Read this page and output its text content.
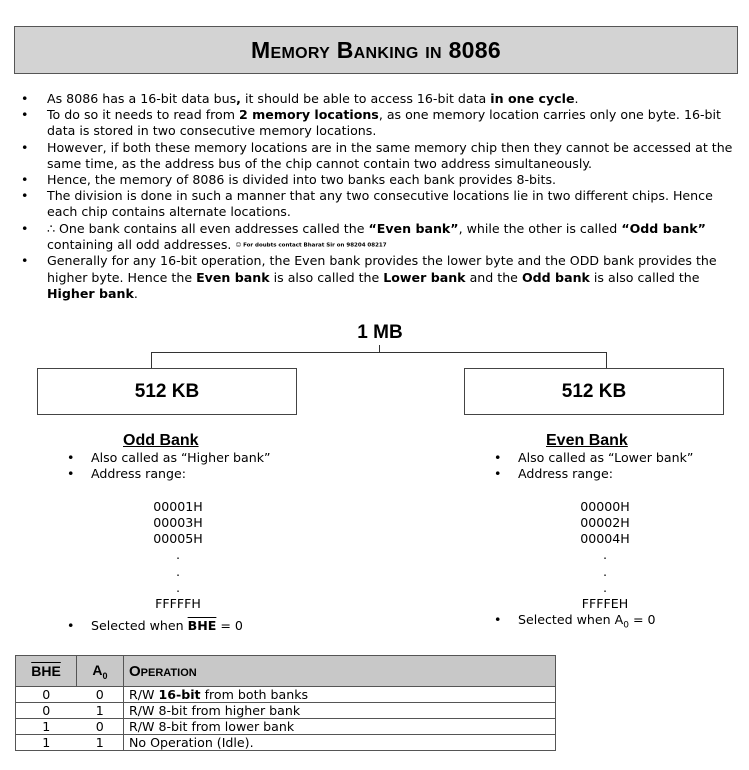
Memory Banking in 8086
• As 8086 has a 16-bit data bus, it should be able to access 16-bit data in one cycle.
• To do so it needs to read from 2 memory locations, as one memory location carries only one byte. 16-bit data is stored in two consecutive memory locations.
• However, if both these memory locations are in the same memory chip then they cannot be accessed at the same time, as the address bus of the chip cannot contain two address simultaneously.
• Hence, the memory of 8086 is divided into two banks each bank provides 8-bits.
• The division is done in such a manner that any two consecutive locations lie in two different chips. Hence each chip contains alternate locations.
• ∴ One bank contains all even addresses called the “Even bank”, while the other is called “Odd bank” containing all odd addresses. ☺ For doubts contact Bharat Sir on 98204 08217
• Generally for any 16-bit operation, the Even bank provides the lower byte and the ODD bank provides the higher byte. Hence the Even bank is also called the Lower bank and the Odd bank is also called the Higher bank.
1 MB
512 KB	512 KB
Odd Bank
• Also called as “Higher bank”
• Address range:
00001H
00003H
00005H
.
.
.
FFFFFH
• Selected when $\overline{BHE} = 0$
Even Bank
• Also called as “Lower bank”
• Address range:
00000H
00002H
00004H
.
.
.
FFFFEH
• Selected when $A_0 = 0$
$\overline{BHE}$	$A_0$	Operation
0	0	R/W 16-bit from both banks
0	1	R/W 8-bit from higher bank
1	0	R/W 8-bit from lower bank
1	1	No Operation (Idle).
